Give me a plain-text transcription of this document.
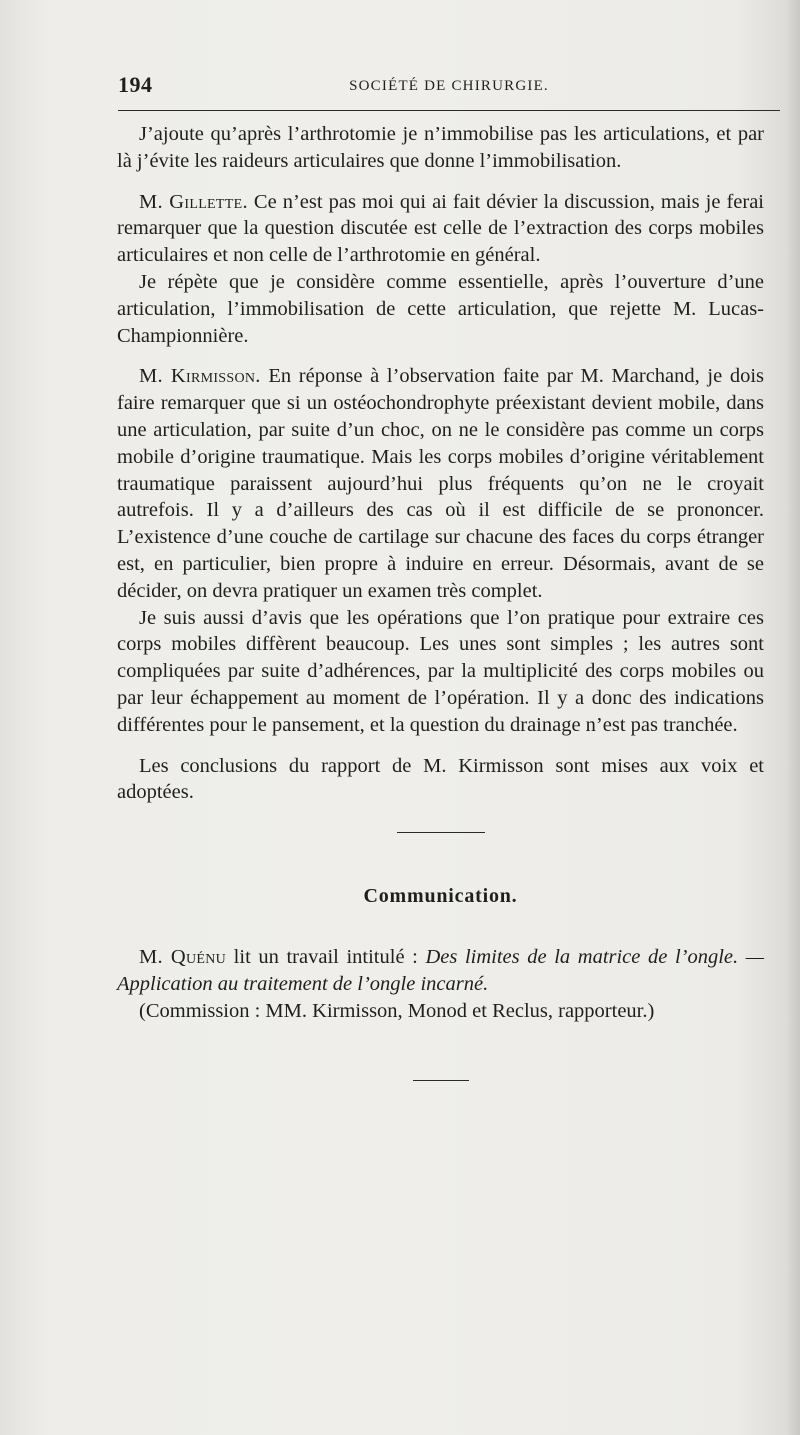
194	SOCIÉTÉ DE CHIRURGIE.

J’ajoute qu’après l’arthrotomie je n’immobilise pas les articulations, et par là j’évite les raideurs articulaires que donne l’immobilisation.

M. Gillette. Ce n’est pas moi qui ai fait dévier la discussion, mais je ferai remarquer que la question discutée est celle de l’extraction des corps mobiles articulaires et non celle de l’arthrotomie en général.

Je répète que je considère comme essentielle, après l’ouverture d’une articulation, l’immobilisation de cette articulation, que rejette M. Lucas-Championnière.

M. Kirmisson. En réponse à l’observation faite par M. Marchand, je dois faire remarquer que si un ostéochondrophyte préexistant devient mobile, dans une articulation, par suite d’un choc, on ne le considère pas comme un corps mobile d’origine traumatique. Mais les corps mobiles d’origine véritablement traumatique paraissent aujourd’hui plus fréquents qu’on ne le croyait autrefois. Il y a d’ailleurs des cas où il est difficile de se prononcer. L’existence d’une couche de cartilage sur chacune des faces du corps étranger est, en particulier, bien propre à induire en erreur. Désormais, avant de se décider, on devra pratiquer un examen très complet.

Je suis aussi d’avis que les opérations que l’on pratique pour extraire ces corps mobiles diffèrent beaucoup. Les unes sont simples ; les autres sont compliquées par suite d’adhérences, par la multiplicité des corps mobiles ou par leur échappement au moment de l’opération. Il y a donc des indications différentes pour le pansement, et la question du drainage n’est pas tranchée.

Les conclusions du rapport de M. Kirmisson sont mises aux voix et adoptées.

Communication.

M. Quénu lit un travail intitulé : Des limites de la matrice de l’ongle. — Application au traitement de l’ongle incarné.

(Commission : MM. Kirmisson, Monod et Reclus, rapporteur.)
